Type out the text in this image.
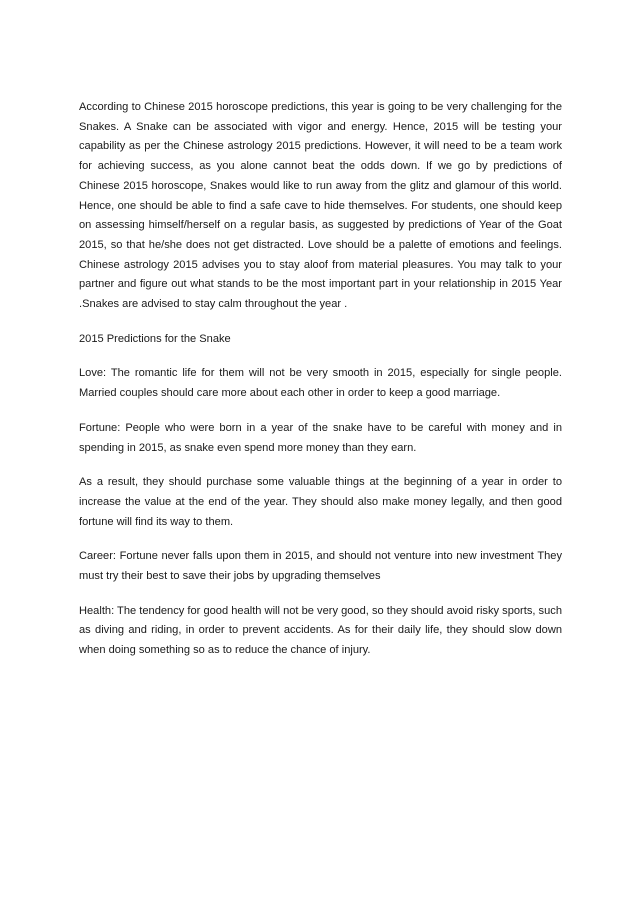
According to Chinese 2015 horoscope predictions, this year is going to be very challenging for the Snakes. A Snake can be associated with vigor and energy. Hence, 2015 will be testing your capability as per the Chinese astrology 2015 predictions. However, it will need to be a team work for achieving success, as you alone cannot beat the odds down. If we go by predictions of Chinese 2015 horoscope, Snakes would like to run away from the glitz and glamour of this world. Hence, one should be able to find a safe cave to hide themselves. For students, one should keep on assessing himself/herself on a regular basis, as suggested by predictions of Year of the Goat 2015, so that he/she does not get distracted. Love should be a palette of emotions and feelings. Chinese astrology 2015 advises you to stay aloof from material pleasures. You may talk to your partner and figure out what stands to be the most important part in your relationship in 2015 Year .Snakes are advised to stay calm throughout the year .

2015 Predictions for the Snake

Love: The romantic life for them will not be very smooth in 2015, especially for single people. Married couples should care more about each other in order to keep a good marriage.

Fortune: People who were born in a year of the snake have to be careful with money and in spending in 2015, as snake even spend more money than they earn.

As a result, they should purchase some valuable things at the beginning of a year in order to increase the value at the end of the year. They should also make money legally, and then good fortune will find its way to them.

Career: Fortune never falls upon them in 2015, and should not venture into new investment They must try their best to save their jobs by upgrading themselves

Health: The tendency for good health will not be very good, so they should avoid risky sports, such as diving and riding, in order to prevent accidents. As for their daily life, they should slow down when doing something so as to reduce the chance of injury.
